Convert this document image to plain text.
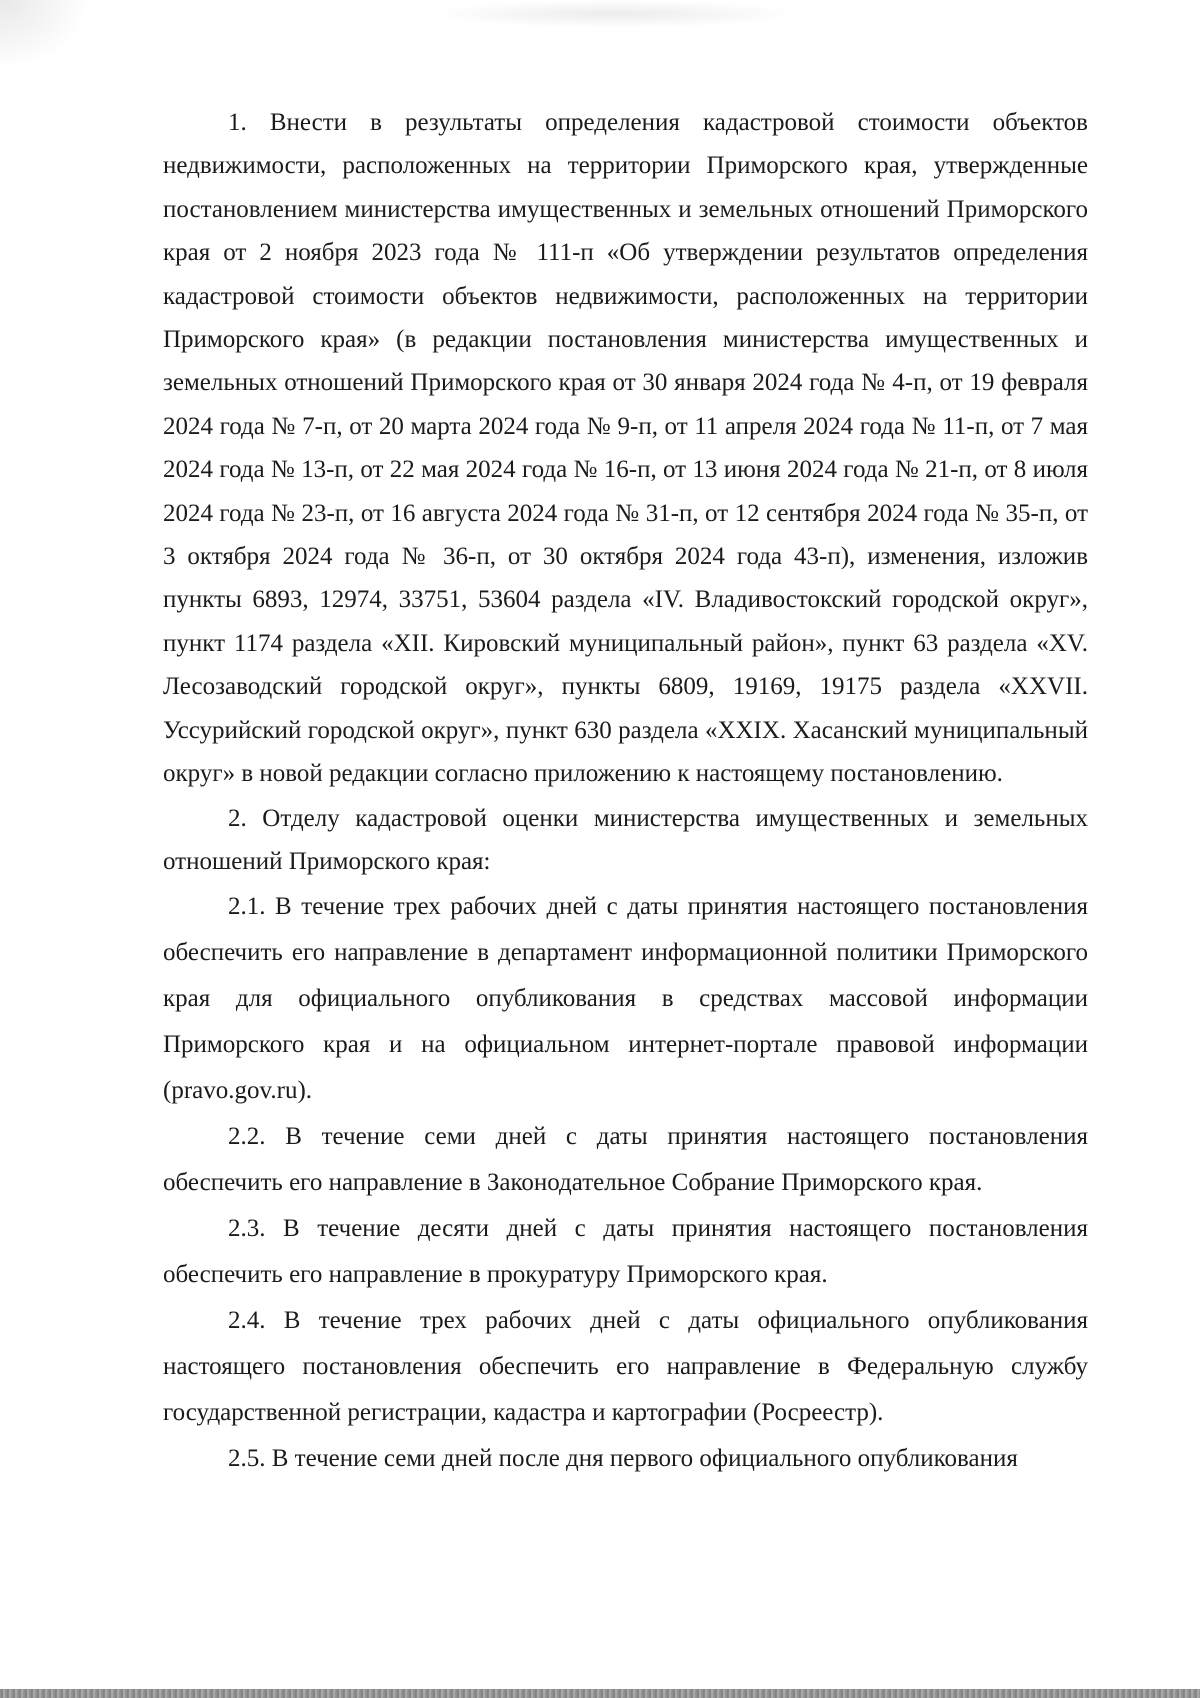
1. Внести в результаты определения кадастровой стоимости объектов недвижимости, расположенных на территории Приморского края, утвержденные постановлением министерства имущественных и земельных отношений Приморского края от 2 ноября 2023 года № 111-п «Об утверждении результатов определения кадастровой стоимости объектов недвижимости, расположенных на территории Приморского края» (в редакции постановления министерства имущественных и земельных отношений Приморского края от 30 января 2024 года № 4-п, от 19 февраля 2024 года № 7-п, от 20 марта 2024 года № 9-п, от 11 апреля 2024 года № 11-п, от 7 мая 2024 года № 13-п, от 22 мая 2024 года № 16-п, от 13 июня 2024 года № 21-п, от 8 июля 2024 года № 23-п, от 16 августа 2024 года № 31-п, от 12 сентября 2024 года № 35-п, от 3 октября 2024 года № 36-п, от 30 октября 2024 года 43-п), изменения, изложив пункты 6893, 12974, 33751, 53604 раздела «IV. Владивостокский городской округ», пункт 1174 раздела «XII. Кировский муниципальный район», пункт 63 раздела «XV. Лесозаводский городской округ», пункты 6809, 19169, 19175 раздела «XXVII. Уссурийский городской округ», пункт 630 раздела «XXIX. Хасанский муниципальный округ» в новой редакции согласно приложению к настоящему постановлению.

2. Отделу кадастровой оценки министерства имущественных и земельных отношений Приморского края:

2.1. В течение трех рабочих дней с даты принятия настоящего постановления обеспечить его направление в департамент информационной политики Приморского края для официального опубликования в средствах массовой информации Приморского края и на официальном интернет-портале правовой информации (pravo.gov.ru).

2.2. В течение семи дней с даты принятия настоящего постановления обеспечить его направление в Законодательное Собрание Приморского края.

2.3. В течение десяти дней с даты принятия настоящего постановления обеспечить его направление в прокуратуру Приморского края.

2.4. В течение трех рабочих дней с даты официального опубликования настоящего постановления обеспечить его направление в Федеральную службу государственной регистрации, кадастра и картографии (Росреестр).

2.5. В течение семи дней после дня первого официального опубликования
